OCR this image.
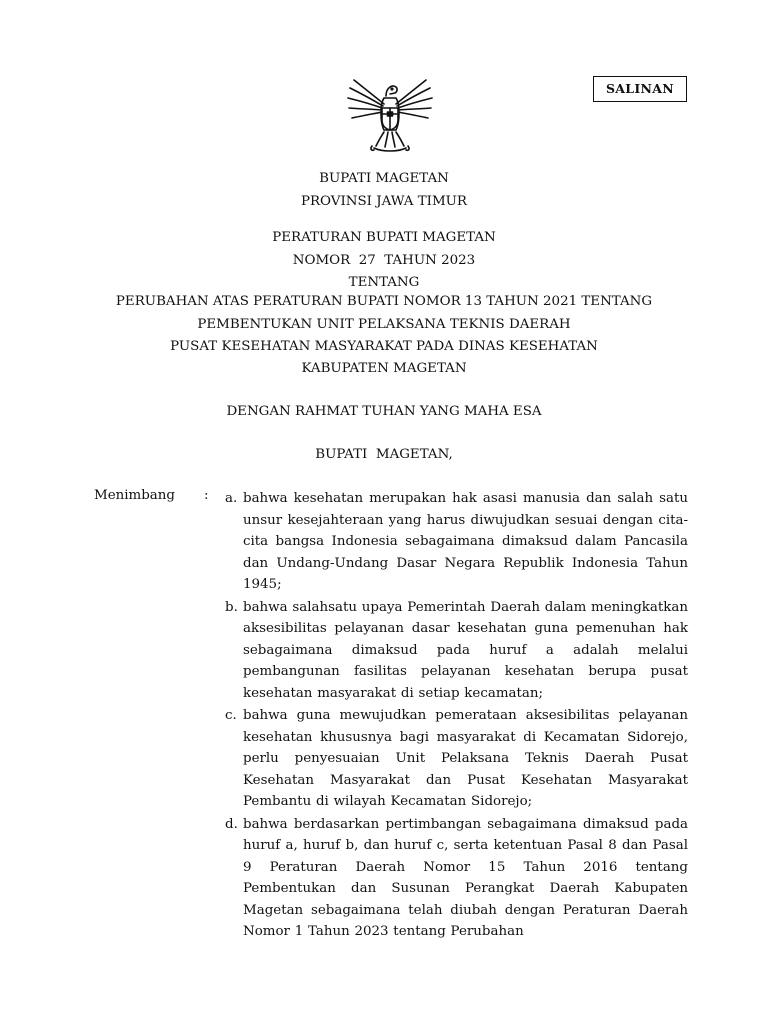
SALINAN
BUPATI MAGETAN
PROVINSI JAWA TIMUR
PERATURAN BUPATI MAGETAN
NOMOR  27  TAHUN 2023
TENTANG
PERUBAHAN ATAS PERATURAN BUPATI NOMOR 13 TAHUN 2021 TENTANG
PEMBENTUKAN UNIT PELAKSANA TEKNIS DAERAH
PUSAT KESEHATAN MASYARAKAT PADA DINAS KESEHATAN
KABUPATEN MAGETAN
DENGAN RAHMAT TUHAN YANG MAHA ESA
BUPATI  MAGETAN,
Menimbang : a. bahwa kesehatan merupakan hak asasi manusia dan salah satu unsur kesejahteraan yang harus diwujudkan sesuai dengan cita-cita bangsa Indonesia sebagaimana dimaksud dalam Pancasila dan Undang-Undang Dasar Negara Republik Indonesia Tahun 1945;
b. bahwa salahsatu upaya Pemerintah Daerah dalam meningkatkan aksesibilitas pelayanan dasar kesehatan guna pemenuhan hak sebagaimana dimaksud pada huruf a adalah melalui pembangunan fasilitas pelayanan kesehatan berupa pusat kesehatan masyarakat di setiap kecamatan;
c. bahwa guna mewujudkan pemerataan aksesibilitas pelayanan kesehatan khususnya bagi masyarakat di Kecamatan Sidorejo, perlu penyesuaian Unit Pelaksana Teknis Daerah Pusat Kesehatan Masyarakat dan Pusat Kesehatan Masyarakat Pembantu di wilayah Kecamatan Sidorejo;
d. bahwa berdasarkan pertimbangan sebagaimana dimaksud pada huruf a, huruf b, dan huruf c, serta ketentuan Pasal 8 dan Pasal 9 Peraturan Daerah Nomor 15 Tahun 2016 tentang Pembentukan dan Susunan Perangkat Daerah Kabupaten Magetan sebagaimana telah diubah dengan Peraturan Daerah Nomor 1 Tahun 2023 tentang Perubahan
